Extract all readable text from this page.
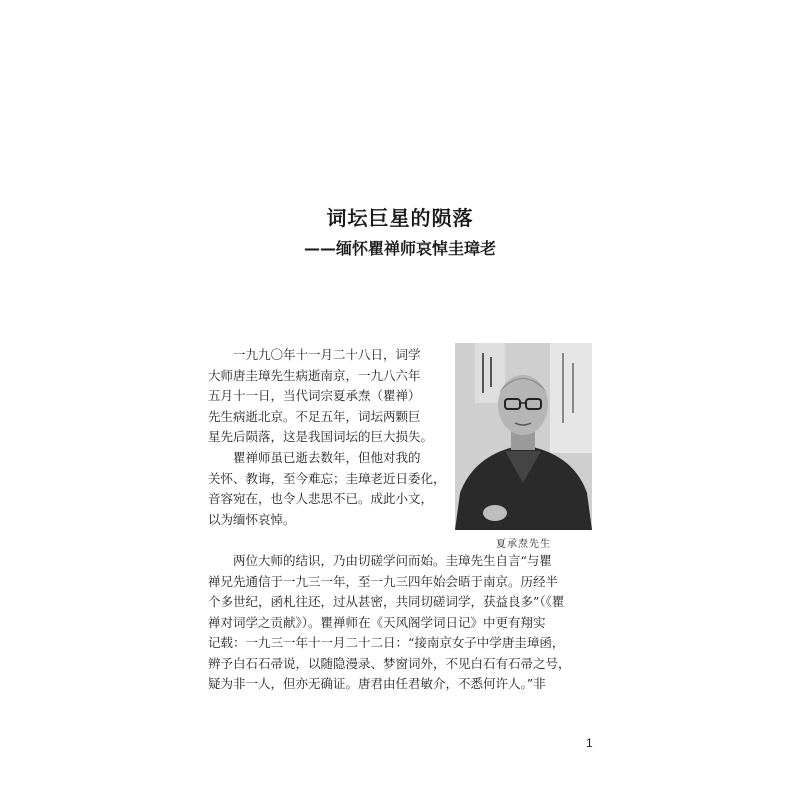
词坛巨星的陨落
——缅怀瞿禅师哀悼圭璋老
夏承焘先生

一九九〇年十一月二十八日，词学
大师唐圭璋先生病逝南京，一九八六年
五月十一日，当代词宗夏承焘（瞿禅）
先生病逝北京。不足五年，词坛两颗巨
星先后陨落，这是我国词坛的巨大损失。

瞿禅师虽已逝去数年，但他对我的
关怀、教诲，至今难忘；圭璋老近日委化，
音容宛在，也令人悲思不已。成此小文，
以为缅怀哀悼。

两位大师的结识，乃由切磋学问而始。圭璋先生自言“与瞿
禅兄先通信于一九三一年，至一九三四年始会晤于南京。历经半
个多世纪，函札往还，过从甚密，共同切磋词学，获益良多”（《瞿
禅对词学之贡献》）。瞿禅师在《天风阁学词日记》中更有翔实
记载：一九三一年十一月二十二日：“接南京女子中学唐圭璋函，
辨予白石石帚说，以随隐漫录、梦窗词外，不见白石有石帚之号，
疑为非一人，但亦无确证。唐君由任君敏介，不悉何许人。”非

1
